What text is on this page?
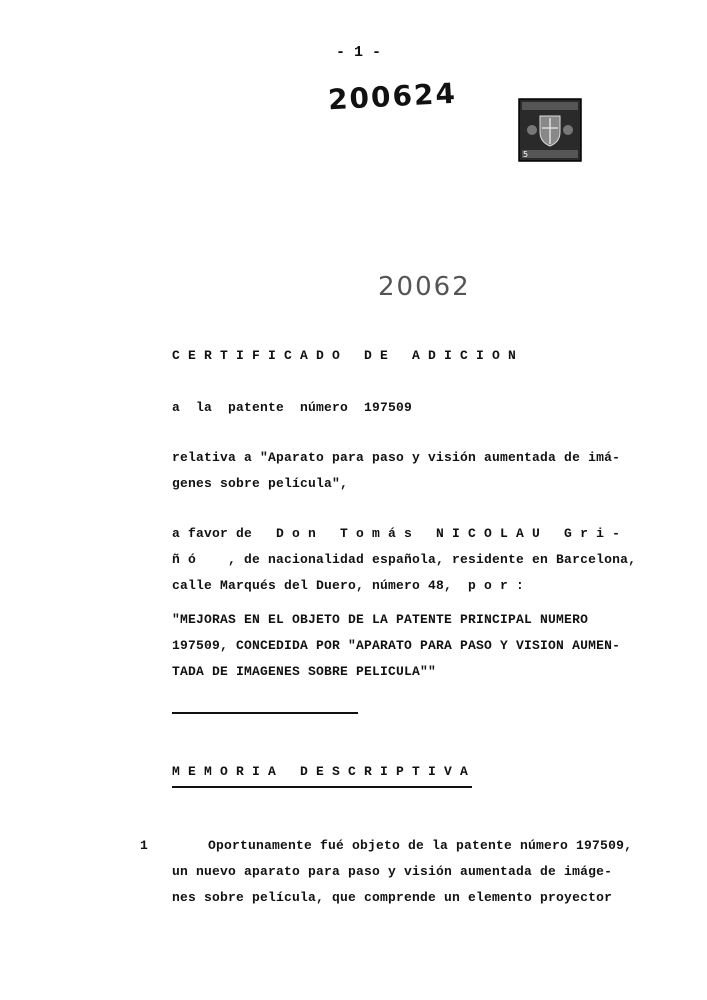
- 1 -
200624
5
20062
C E R T I F I C A D O   D E   A D I C I O N
a  la  patente  número  197509
relativa a "Aparato para paso y visión aumentada de imá-
genes sobre película",
a favor de   D o n   T o m á s   N I C O L A U   G r i -
ñ ó    , de nacionalidad española, residente en Barcelona,
calle Marqués del Duero, número 48,  p o r :
"MEJORAS EN EL OBJETO DE LA PATENTE PRINCIPAL NUMERO
197509, CONCEDIDA POR "APARATO PARA PASO Y VISION AUMEN-
TADA DE IMAGENES SOBRE PELICULA""
M E M O R I A   D E S C R I P T I V A
1	Oportunamente fué objeto de la patente número 197509,
un nuevo aparato para paso y visión aumentada de imáge-
nes sobre película, que comprende un elemento proyector
